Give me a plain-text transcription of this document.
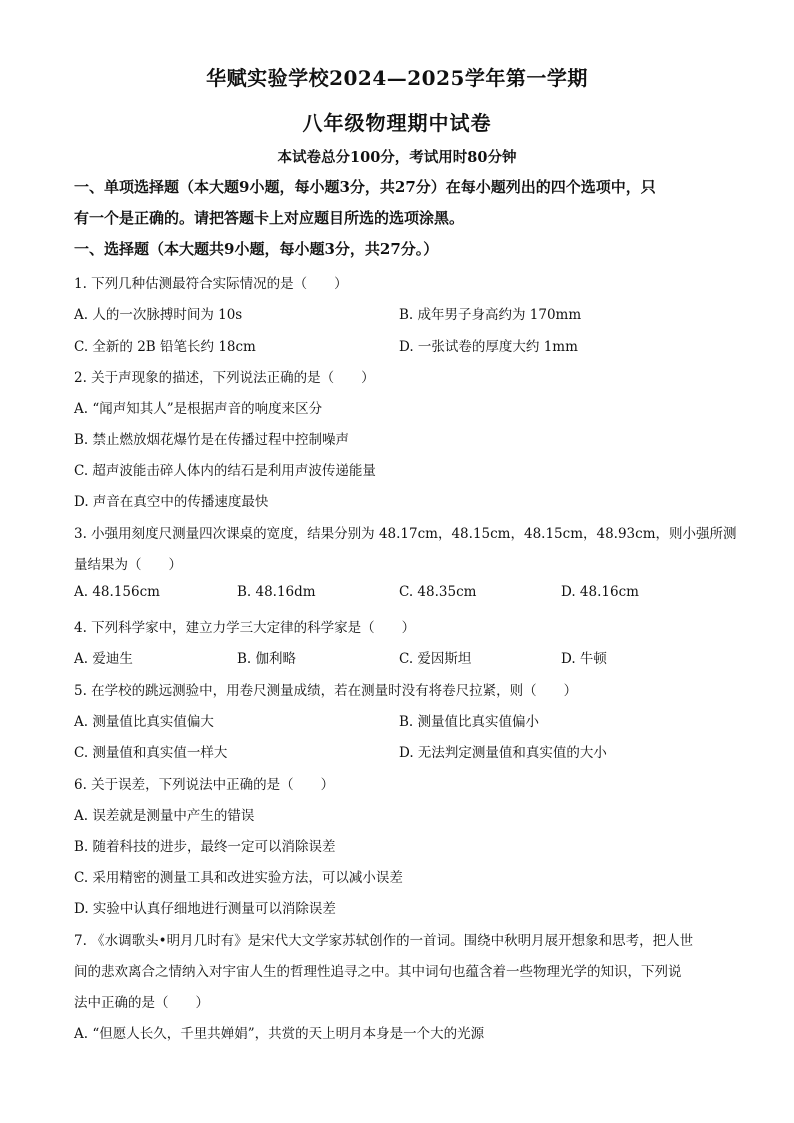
华赋实验学校2024—2025学年第一学期
八年级物理期中试卷
本试卷总分100分，考试用时80分钟
一、单项选择题（本大题9小题，每小题3分，共27分）在每小题列出的四个选项中，只
有一个是正确的。请把答题卡上对应题目所选的选项涂黑。
一、选择题（本大题共9小题，每小题3分，共27分。）
1. 下列几种估测最符合实际情况的是（　　）
A. 人的一次脉搏时间为 10s	B. 成年男子身高约为 170mm
C. 全新的 2B 铅笔长约 18cm	D. 一张试卷的厚度大约 1mm
2. 关于声现象的描述，下列说法正确的是（　　）
A. “闻声知其人”是根据声音的响度来区分
B. 禁止燃放烟花爆竹是在传播过程中控制噪声
C. 超声波能击碎人体内的结石是利用声波传递能量
D. 声音在真空中的传播速度最快
3. 小强用刻度尺测量四次课桌的宽度，结果分别为 48.17cm，48.15cm，48.15cm，48.93cm，则小强所测
量结果为（　　）
A. 48.156cm	B. 48.16dm	C. 48.35cm	D. 48.16cm
4. 下列科学家中，建立力学三大定律的科学家是（　　）
A. 爱迪生	B. 伽利略	C. 爱因斯坦	D. 牛顿
5. 在学校的跳远测验中，用卷尺测量成绩，若在测量时没有将卷尺拉紧，则（　　）
A. 测量值比真实值偏大	B. 测量值比真实值偏小
C. 测量值和真实值一样大	D. 无法判定测量值和真实值的大小
6. 关于误差，下列说法中正确的是（　　）
A. 误差就是测量中产生的错误
B. 随着科技的进步，最终一定可以消除误差
C. 采用精密的测量工具和改进实验方法，可以减小误差
D. 实验中认真仔细地进行测量可以消除误差
7. 《水调歌头•明月几时有》是宋代大文学家苏轼创作的一首词。围绕中秋明月展开想象和思考，把人世
间的悲欢离合之情纳入对宇宙人生的哲理性追寻之中。其中词句也蕴含着一些物理光学的知识，下列说
法中正确的是（　　）
A. “但愿人长久，千里共婵娟”，共赏的天上明月本身是一个大的光源
